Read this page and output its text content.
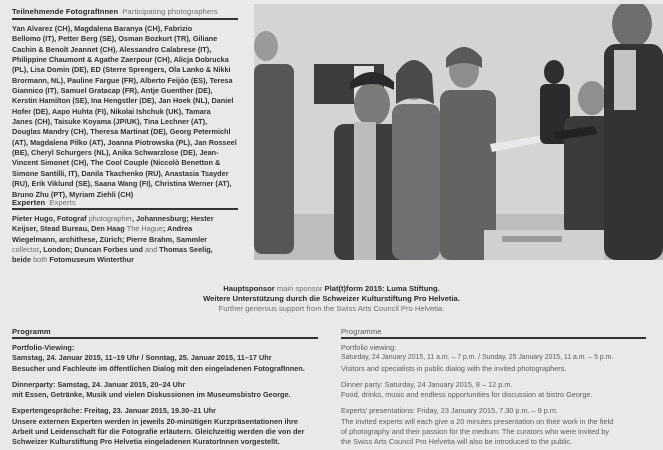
Teilnehmende FotografInnen Participating photographers
Yan Alvarez (CH), Magdalena Baranya (CH), Fabrizio
Bellomo (IT), Petter Berg (SE), Osman Bozkurt (TR), Giliane
Cachin & Benoît Jeannet (CH), Alessandro Calabrese (IT),
Philippine Chaumont & Agathe Zaerpour (CH), Alicja Dobrucka
(PL), Lisa Domin (DE), ED (Sterre Sprengers, Ola Lanko & Nikki
Brormann, NL), Pauline Fargue (FR), Alberto Feijóo (ES), Teresa
Giannico (IT), Samuel Gratacap (FR), Antje Guenther (DE),
Kerstin Hamilton (SE), Ina Hengstler (DE), Jan Hoek (NL), Daniel
Hofer (DE), Aapo Huhta (FI), Nikolai Ishchuk (UK), Tamara
Janes (CH), Taisuke Koyama (JP/UK), Tina Lechner (AT),
Douglas Mandry (CH), Theresa Martinat (DE), Georg Petermichl
(AT), Magdalena Pilko (AT), Joanna Piotrowska (PL), Jan Rosseel
(BE), Cheryl Schurgers (NL), Anika Schwarzlose (DE), Jean-
Vincent Simonet (CH), The Cool Couple (Niccolò Benetton &
Simone Santilli, IT), Danila Tkachenko (RU), Anastasia Tsayder
(RU), Erik Viklund (SE), Saana Wang (FI), Christina Werner (AT),
Bruno Zhu (PT), Myriam Ziehli (CH)
Experten Experts
Pieter Hugo, Fotograf photographer, Johannesburg; Hester
Keijser, Stead Bureau, Den Haag The Hague; Andrea
Wiegelmann, archithese, Zürich; Pierre Brahm, Sammler
collector, London; Duncan Forbes und and Thomas Seelig,
beide both Fotomuseum Winterthur
Hauptsponsor main sponsor Plat(t)form 2015: Luma Stiftung.
Weitere Unterstützung durch die Schweizer Kulturstiftung Pro Helvetia.
Further generous support from the Swiss Arts Council Pro Helvetia.
Programm
Portfolio-Viewing:
Samstag, 24. Januar 2015, 11–19 Uhr / Sonntag, 25. Januar 2015, 11–17 Uhr
Besucher und Fachleute im öffentlichen Dialog mit den eingeladenen FotografInnen.
Dinnerparty: Samstag, 24. Januar 2015, 20–24 Uhr
mit Essen, Getränke, Musik und vielen Diskussionen im Museumsbistro George.
Expertengespräche: Freitag, 23. Januar 2015, 19.30–21 Uhr
Unsere externen Experten werden in jeweils 20-minütigen Kurzpräsentationen ihre
Arbeit und Leidenschaft für die Fotografie erläutern. Gleichzeitig werden die von der
Schweizer Kulturstiftung Pro Helvetia eingeladenen KuratorInnen vorgestellt.
Programme
Portfolio viewing:
Saturday, 24 January 2015, 11 a.m. – 7 p.m. / Sunday, 25 January 2015, 11 a.m. – 5 p.m.
Visitors and specialists in public dialog with the invited photographers.
Dinner party: Saturday, 24 January 2015, 8 – 12 p.m.
Food, drinks, music and endless opportunities for discussion at bistro George.
Experts’ presentations: Friday, 23 January 2015, 7.30 p.m. – 9 p.m.
The invited experts will each give a 20 minutes presentation on their work in the field
of photography and their passion for the medium. The curators who were invited by
the Swiss Arts Council Pro Helvetia will also be introduced to the public.
